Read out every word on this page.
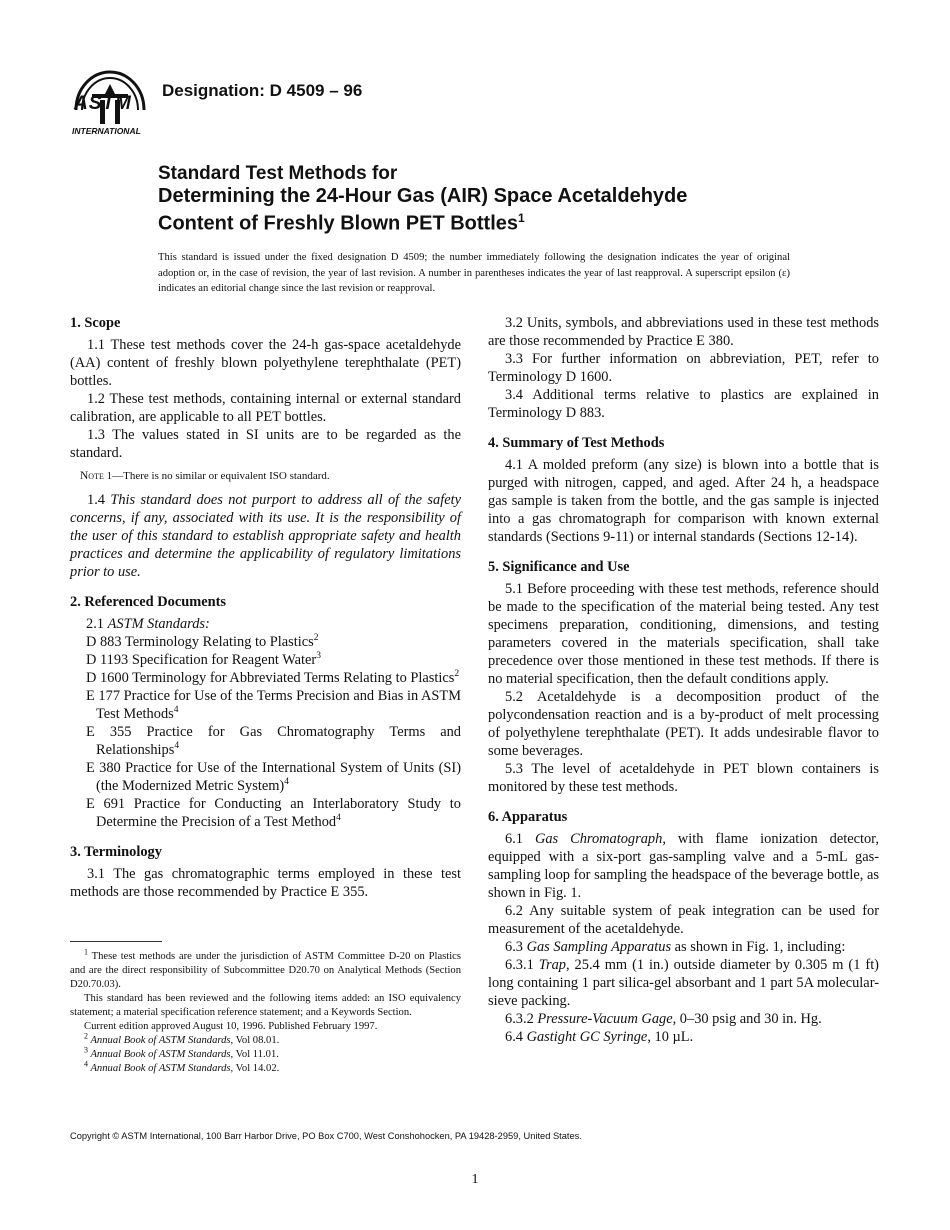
ASTM
INTERNATIONAL
Designation: D 4509 – 96
Standard Test Methods for
Determining the 24-Hour Gas (AIR) Space Acetaldehyde
Content of Freshly Blown PET Bottles$^1$
This standard is issued under the fixed designation D 4509; the number immediately following the designation indicates the year of original adoption or, in the case of revision, the year of last revision. A number in parentheses indicates the year of last reapproval. A superscript epsilon (ε) indicates an editorial change since the last revision or reapproval.
1. Scope

1.1 These test methods cover the 24-h gas-space acetaldehyde (AA) content of freshly blown polyethylene terephthalate (PET) bottles.

1.2 These test methods, containing internal or external standard calibration, are applicable to all PET bottles.

1.3 The values stated in SI units are to be regarded as the standard.

Note 1—There is no similar or equivalent ISO standard.

1.4 This standard does not purport to address all of the safety concerns, if any, associated with its use. It is the responsibility of the user of this standard to establish appropriate safety and health practices and determine the applicability of regulatory limitations prior to use.

2. Referenced Documents

2.1 ASTM Standards:

D 883 Terminology Relating to Plastics$^2$

D 1193 Specification for Reagent Water$^3$

D 1600 Terminology for Abbreviated Terms Relating to Plastics$^2$

E 177 Practice for Use of the Terms Precision and Bias in ASTM Test Methods$^4$

E 355 Practice for Gas Chromatography Terms and Relationships$^4$

E 380 Practice for Use of the International System of Units (SI) (the Modernized Metric System)$^4$

E 691 Practice for Conducting an Interlaboratory Study to Determine the Precision of a Test Method$^4$

3. Terminology

3.1 The gas chromatographic terms employed in these test methods are those recommended by Practice E 355.

3.2 Units, symbols, and abbreviations used in these test methods are those recommended by Practice E 380.

3.3 For further information on abbreviation, PET, refer to Terminology D 1600.

3.4 Additional terms relative to plastics are explained in Terminology D 883.

4. Summary of Test Methods

4.1 A molded preform (any size) is blown into a bottle that is purged with nitrogen, capped, and aged. After 24 h, a headspace gas sample is taken from the bottle, and the gas sample is injected into a gas chromatograph for comparison with known external standards (Sections 9-11) or internal standards (Sections 12-14).

5. Significance and Use

5.1 Before proceeding with these test methods, reference should be made to the specification of the material being tested. Any test specimens preparation, conditioning, dimensions, and testing parameters covered in the materials specification, shall take precedence over those mentioned in these test methods. If there is no material specification, then the default conditions apply.

5.2 Acetaldehyde is a decomposition product of the polycondensation reaction and is a by-product of melt processing of polyethylene terephthalate (PET). It adds undesirable flavor to some beverages.

5.3 The level of acetaldehyde in PET blown containers is monitored by these test methods.

6. Apparatus

6.1 Gas Chromatograph, with flame ionization detector, equipped with a six-port gas-sampling valve and a 5-mL gas-sampling loop for sampling the headspace of the beverage bottle, as shown in Fig. 1.

6.2 Any suitable system of peak integration can be used for measurement of the acetaldehyde.

6.3 Gas Sampling Apparatus as shown in Fig. 1, including:

6.3.1 Trap, 25.4 mm (1 in.) outside diameter by 0.305 m (1 ft) long containing 1 part silica-gel absorbant and 1 part 5A molecular-sieve packing.

6.3.2 Pressure-Vacuum Gage, 0–30 psig and 30 in. Hg.

6.4 Gastight GC Syringe, 10 µL.

$^1$ These test methods are under the jurisdiction of ASTM Committee D-20 on Plastics and are the direct responsibility of Subcommittee D20.70 on Analytical Methods (Section D20.70.03).

This standard has been reviewed and the following items added: an ISO equivalency statement; a material specification reference statement; and a Keywords Section.

Current edition approved August 10, 1996. Published February 1997.

$^2$ Annual Book of ASTM Standards, Vol 08.01.

$^3$ Annual Book of ASTM Standards, Vol 11.01.

$^4$ Annual Book of ASTM Standards, Vol 14.02.

Copyright © ASTM International, 100 Barr Harbor Drive, PO Box C700, West Conshohocken, PA 19428-2959, United States.
1
